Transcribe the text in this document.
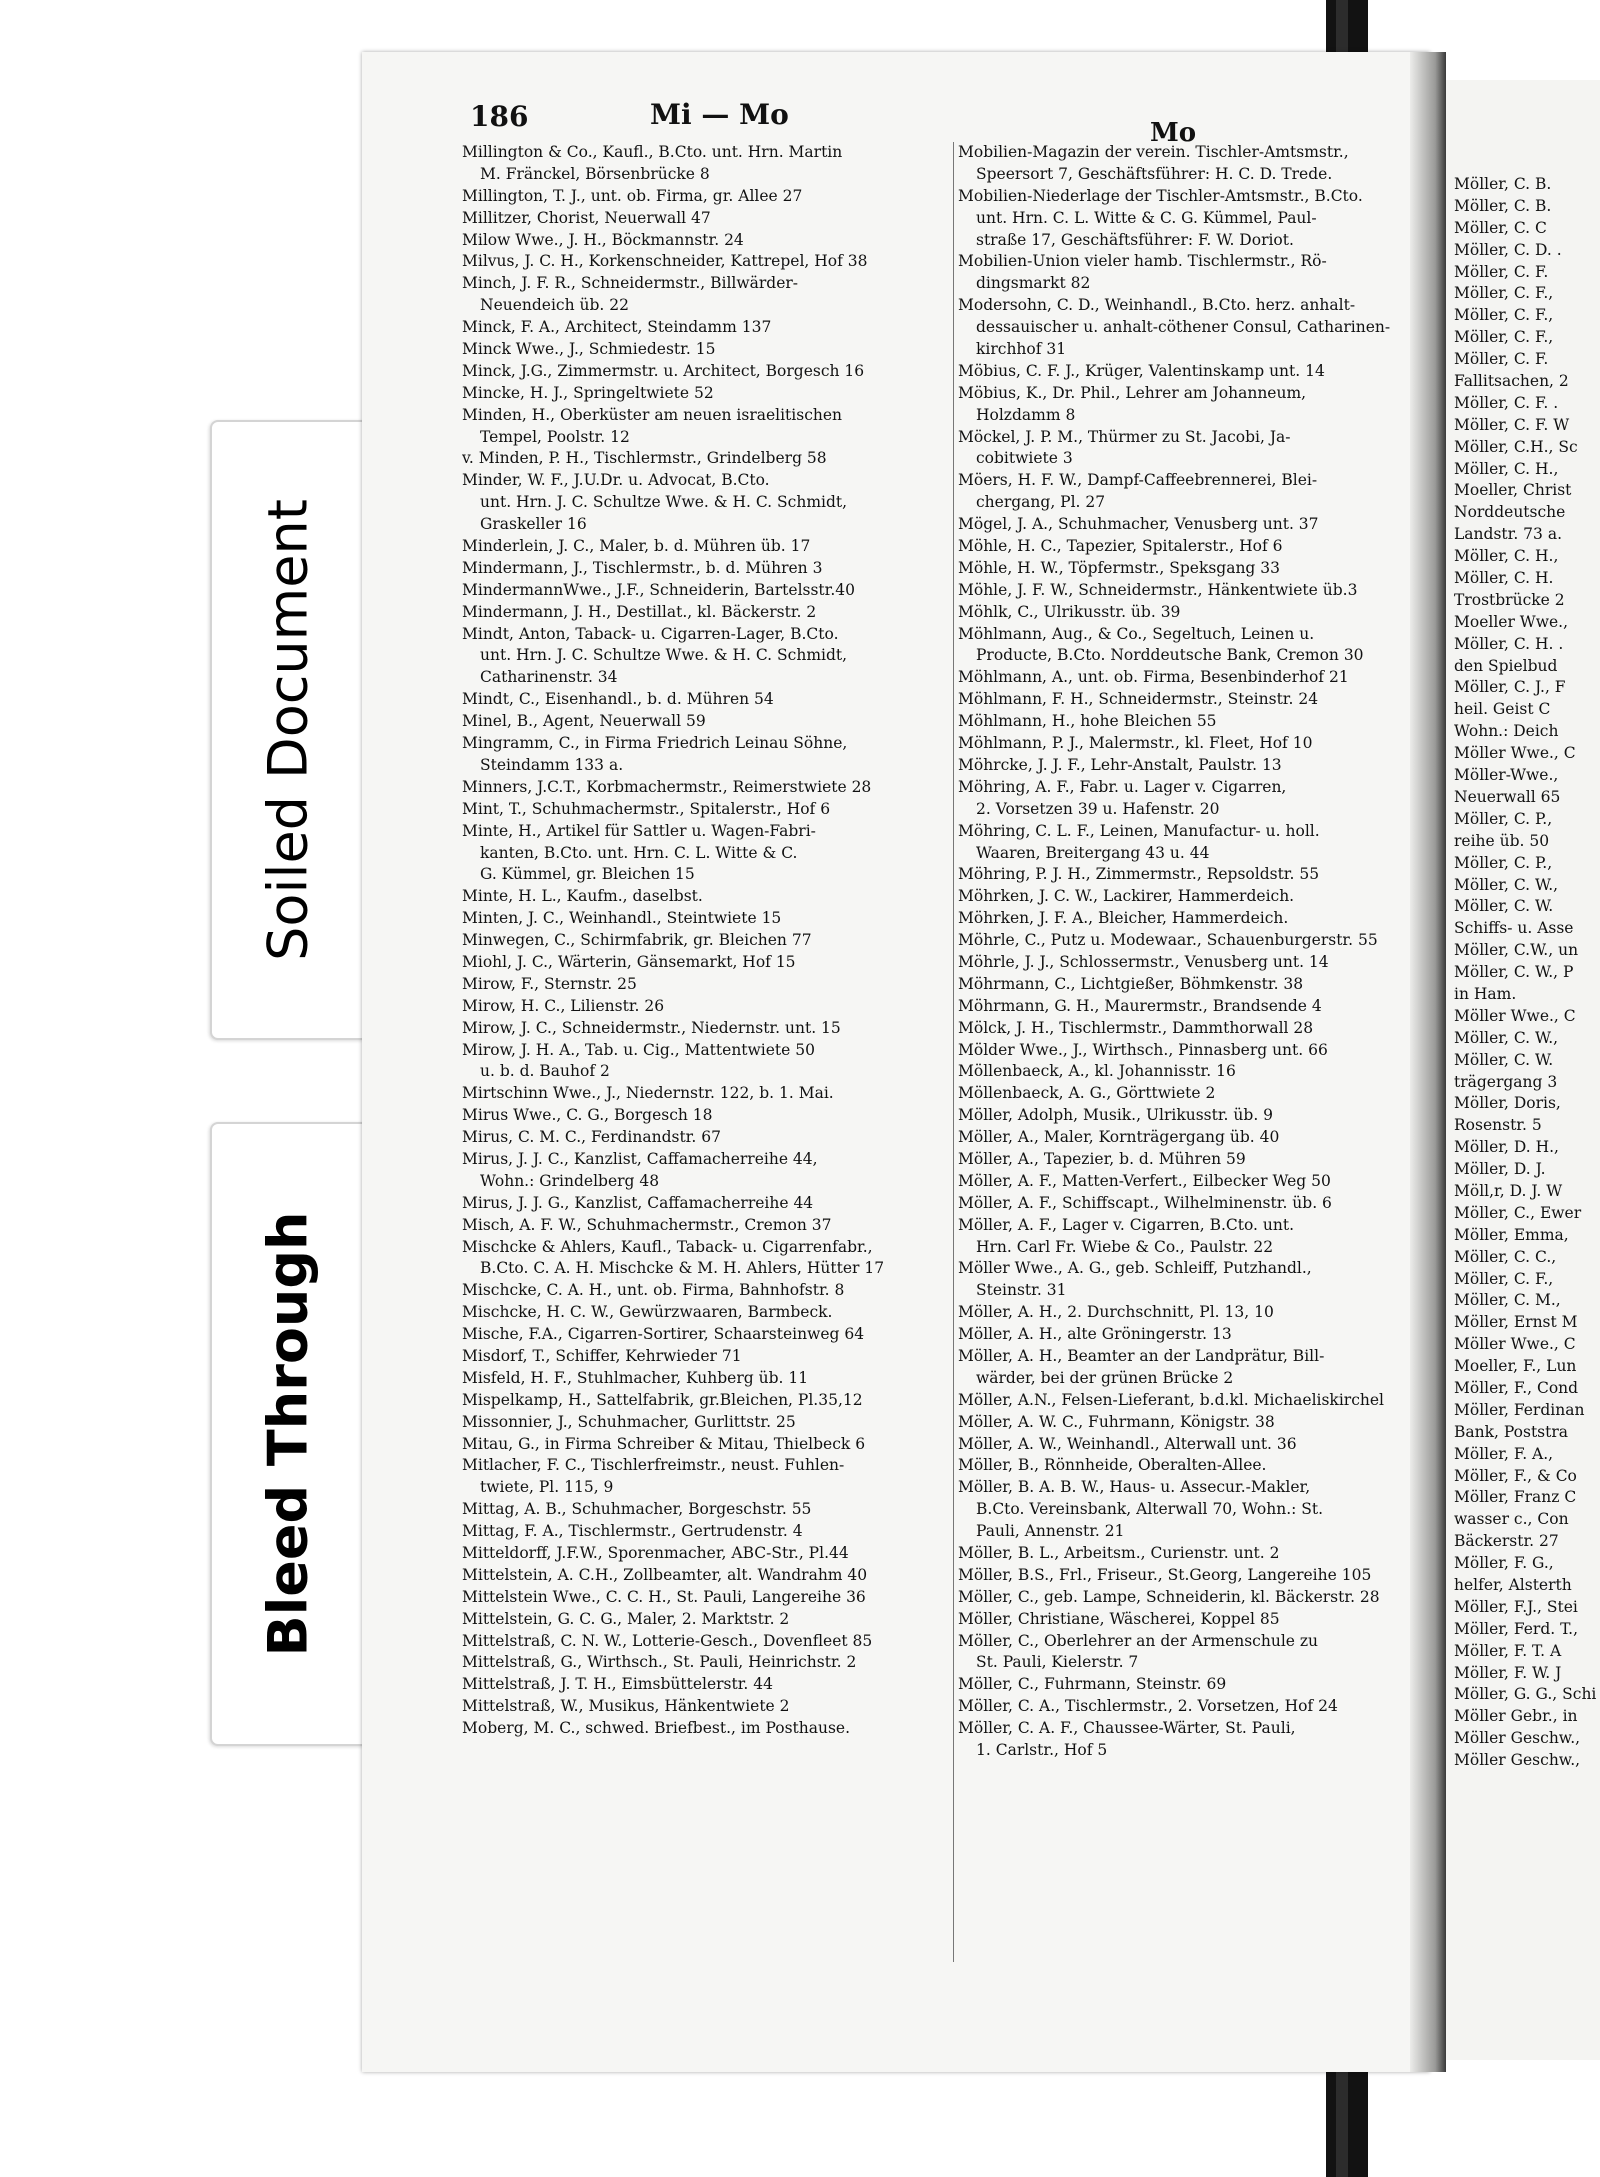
Soiled Document
Bleed Through
186	Mi — Mo
Mo
Millington & Co., Kaufl., B.Cto. unt. Hrn. Martin
M. Fränckel, Börsenbrücke 8
Millington, T. J., unt. ob. Firma, gr. Allee 27
Millitzer, Chorist, Neuerwall 47
Milow Wwe., J. H., Böckmannstr. 24
Milvus, J. C. H., Korkenschneider, Kattrepel, Hof 38
Minch, J. F. R., Schneidermstr., Billwärder-
Neuendeich üb. 22
Minck, F. A., Architect, Steindamm 137
Minck Wwe., J., Schmiedestr. 15
Minck, J.G., Zimmermstr. u. Architect, Borgesch 16
Mincke, H. J., Springeltwiete 52
Minden, H., Oberküster am neuen israelitischen
Tempel, Poolstr. 12
v. Minden, P. H., Tischlermstr., Grindelberg 58
Minder, W. F., J.U.Dr. u. Advocat, B.Cto.
unt. Hrn. J. C. Schultze Wwe. & H. C. Schmidt,
Graskeller 16
Minderlein, J. C., Maler, b. d. Mühren üb. 17
Mindermann, J., Tischlermstr., b. d. Mühren 3
MindermannWwe., J.F., Schneiderin, Bartelsstr.40
Mindermann, J. H., Destillat., kl. Bäckerstr. 2
Mindt, Anton, Taback- u. Cigarren-Lager, B.Cto.
unt. Hrn. J. C. Schultze Wwe. & H. C. Schmidt,
Catharinenstr. 34
Mindt, C., Eisenhandl., b. d. Mühren 54
Minel, B., Agent, Neuerwall 59
Mingramm, C., in Firma Friedrich Leinau Söhne,
Steindamm 133 a.
Minners, J.C.T., Korbmachermstr., Reimerstwiete 28
Mint, T., Schuhmachermstr., Spitalerstr., Hof 6
Minte, H., Artikel für Sattler u. Wagen-Fabri-
kanten, B.Cto. unt. Hrn. C. L. Witte & C.
G. Kümmel, gr. Bleichen 15
Minte, H. L., Kaufm., daselbst.
Minten, J. C., Weinhandl., Steintwiete 15
Minwegen, C., Schirmfabrik, gr. Bleichen 77
Miohl, J. C., Wärterin, Gänsemarkt, Hof 15
Mirow, F., Sternstr. 25
Mirow, H. C., Lilienstr. 26
Mirow, J. C., Schneidermstr., Niedernstr. unt. 15
Mirow, J. H. A., Tab. u. Cig., Mattentwiete 50
u. b. d. Bauhof 2
Mirtschinn Wwe., J., Niedernstr. 122, b. 1. Mai.
Mirus Wwe., C. G., Borgesch 18
Mirus, C. M. C., Ferdinandstr. 67
Mirus, J. J. C., Kanzlist, Caffamacherreihe 44,
Wohn.: Grindelberg 48
Mirus, J. J. G., Kanzlist, Caffamacherreihe 44
Misch, A. F. W., Schuhmachermstr., Cremon 37
Mischcke & Ahlers, Kaufl., Taback- u. Cigarrenfabr.,
B.Cto. C. A. H. Mischcke & M. H. Ahlers, Hütter 17
Mischcke, C. A. H., unt. ob. Firma, Bahnhofstr. 8
Mischcke, H. C. W., Gewürzwaaren, Barmbeck.
Mische, F.A., Cigarren-Sortirer, Schaarsteinweg 64
Misdorf, T., Schiffer, Kehrwieder 71
Misfeld, H. F., Stuhlmacher, Kuhberg üb. 11
Mispelkamp, H., Sattelfabrik, gr.Bleichen, Pl.35,12
Missonnier, J., Schuhmacher, Gurlittstr. 25
Mitau, G., in Firma Schreiber & Mitau, Thielbeck 6
Mitlacher, F. C., Tischlerfreimstr., neust. Fuhlen-
twiete, Pl. 115, 9
Mittag, A. B., Schuhmacher, Borgeschstr. 55
Mittag, F. A., Tischlermstr., Gertrudenstr. 4
Mitteldorff, J.F.W., Sporenmacher, ABC-Str., Pl.44
Mittelstein, A. C.H., Zollbeamter, alt. Wandrahm 40
Mittelstein Wwe., C. C. H., St. Pauli, Langereihe 36
Mittelstein, G. C. G., Maler, 2. Marktstr. 2
Mittelstraß, C. N. W., Lotterie-Gesch., Dovenfleet 85
Mittelstraß, G., Wirthsch., St. Pauli, Heinrichstr. 2
Mittelstraß, J. T. H., Eimsbüttelerstr. 44
Mittelstraß, W., Musikus, Hänkentwiete 2
Moberg, M. C., schwed. Briefbest., im Posthause.
Mobilien-Magazin der verein. Tischler-Amtsmstr.,
Speersort 7, Geschäftsführer: H. C. D. Trede.
Mobilien-Niederlage der Tischler-Amtsmstr., B.Cto.
unt. Hrn. C. L. Witte & C. G. Kümmel, Paul-
straße 17, Geschäftsführer: F. W. Doriot.
Mobilien-Union vieler hamb. Tischlermstr., Rö-
dingsmarkt 82
Modersohn, C. D., Weinhandl., B.Cto. herz. anhalt-
dessauischer u. anhalt-cöthener Consul, Catharinen-
kirchhof 31
Möbius, C. F. J., Krüger, Valentinskamp unt. 14
Möbius, K., Dr. Phil., Lehrer am Johanneum,
Holzdamm 8
Möckel, J. P. M., Thürmer zu St. Jacobi, Ja-
cobitwiete 3
Möers, H. F. W., Dampf-Caffeebrennerei, Blei-
chergang, Pl. 27
Mögel, J. A., Schuhmacher, Venusberg unt. 37
Möhle, H. C., Tapezier, Spitalerstr., Hof 6
Möhle, H. W., Töpfermstr., Speksgang 33
Möhle, J. F. W., Schneidermstr., Hänkentwiete üb.3
Möhlk, C., Ulrikusstr. üb. 39
Möhlmann, Aug., & Co., Segeltuch, Leinen u.
Producte, B.Cto. Norddeutsche Bank, Cremon 30
Möhlmann, A., unt. ob. Firma, Besenbinderhof 21
Möhlmann, F. H., Schneidermstr., Steinstr. 24
Möhlmann, H., hohe Bleichen 55
Möhlmann, P. J., Malermstr., kl. Fleet, Hof 10
Möhrcke, J. J. F., Lehr-Anstalt, Paulstr. 13
Möhring, A. F., Fabr. u. Lager v. Cigarren,
2. Vorsetzen 39 u. Hafenstr. 20
Möhring, C. L. F., Leinen, Manufactur- u. holl.
Waaren, Breitergang 43 u. 44
Möhring, P. J. H., Zimmermstr., Repsoldstr. 55
Möhrken, J. C. W., Lackirer, Hammerdeich.
Möhrken, J. F. A., Bleicher, Hammerdeich.
Möhrle, C., Putz u. Modewaar., Schauenburgerstr. 55
Möhrle, J. J., Schlossermstr., Venusberg unt. 14
Möhrmann, C., Lichtgießer, Böhmkenstr. 38
Möhrmann, G. H., Maurermstr., Brandsende 4
Mölck, J. H., Tischlermstr., Dammthorwall 28
Mölder Wwe., J., Wirthsch., Pinnasberg unt. 66
Möllenbaeck, A., kl. Johannisstr. 16
Möllenbaeck, A. G., Görttwiete 2
Möller, Adolph, Musik., Ulrikusstr. üb. 9
Möller, A., Maler, Kornträgergang üb. 40
Möller, A., Tapezier, b. d. Mühren 59
Möller, A. F., Matten-Verfert., Eilbecker Weg 50
Möller, A. F., Schiffscapt., Wilhelminenstr. üb. 6
Möller, A. F., Lager v. Cigarren, B.Cto. unt.
Hrn. Carl Fr. Wiebe & Co., Paulstr. 22
Möller Wwe., A. G., geb. Schleiff, Putzhandl.,
Steinstr. 31
Möller, A. H., 2. Durchschnitt, Pl. 13, 10
Möller, A. H., alte Gröningerstr. 13
Möller, A. H., Beamter an der Landprätur, Bill-
wärder, bei der grünen Brücke 2
Möller, A.N., Felsen-Lieferant, b.d.kl. Michaeliskirchel
Möller, A. W. C., Fuhrmann, Königstr. 38
Möller, A. W., Weinhandl., Alterwall unt. 36
Möller, B., Rönnheide, Oberalten-Allee.
Möller, B. A. B. W., Haus- u. Assecur.-Makler,
B.Cto. Vereinsbank, Alterwall 70, Wohn.: St.
Pauli, Annenstr. 21
Möller, B. L., Arbeitsm., Curienstr. unt. 2
Möller, B.S., Frl., Friseur., St.Georg, Langereihe 105
Möller, C., geb. Lampe, Schneiderin, kl. Bäckerstr. 28
Möller, Christiane, Wäscherei, Koppel 85
Möller, C., Oberlehrer an der Armenschule zu
St. Pauli, Kielerstr. 7
Möller, C., Fuhrmann, Steinstr. 69
Möller, C. A., Tischlermstr., 2. Vorsetzen, Hof 24
Möller, C. A. F., Chaussee-Wärter, St. Pauli,
1. Carlstr., Hof 5
Möller, C. B.
Möller, C. B.
Möller, C. C
Möller, C. D. .
Möller, C. F.
Möller, C. F.,
Möller, C. F.,
Möller, C. F.,
Möller, C. F.
Fallitsachen, 2
Möller, C. F. .
Möller, C. F. W
Möller, C.H., Sc
Möller, C. H.,
Moeller, Christ
Norddeutsche
Landstr. 73 a.
Möller, C. H.,
Möller, C. H.
Trostbrücke 2
Moeller Wwe.,
Möller, C. H. .
den Spielbud
Möller, C. J., F
heil. Geist C
Wohn.: Deich
Möller Wwe., C
Möller-Wwe.,
Neuerwall 65
Möller, C. P.,
reihe üb. 50
Möller, C. P.,
Möller, C. W.,
Möller, C. W.
Schiffs- u. Asse
Möller, C.W., un
Möller, C. W., P
in Ham.
Möller Wwe., C
Möller, C. W.,
Möller, C. W.
trägergang 3
Möller, Doris,
Rosenstr. 5
Möller, D. H.,
Möller, D. J.
Möll,r, D. J. W
Möller, C., Ewer
Möller, Emma,
Möller, C. C.,
Möller, C. F.,
Möller, C. M.,
Möller, Ernst M
Möller Wwe., C
Moeller, F., Lun
Möller, F., Cond
Möller, Ferdinan
Bank, Poststra
Möller, F. A.,
Möller, F., & Co
Möller, Franz C
wasser c., Con
Bäckerstr. 27
Möller, F. G.,
helfer, Alsterth
Möller, F.J., Stei
Möller, Ferd. T.,
Möller, F. T. A
Möller, F. W. J
Möller, G. G., Schi
Möller Gebr., in
Möller Geschw.,
Möller Geschw.,
